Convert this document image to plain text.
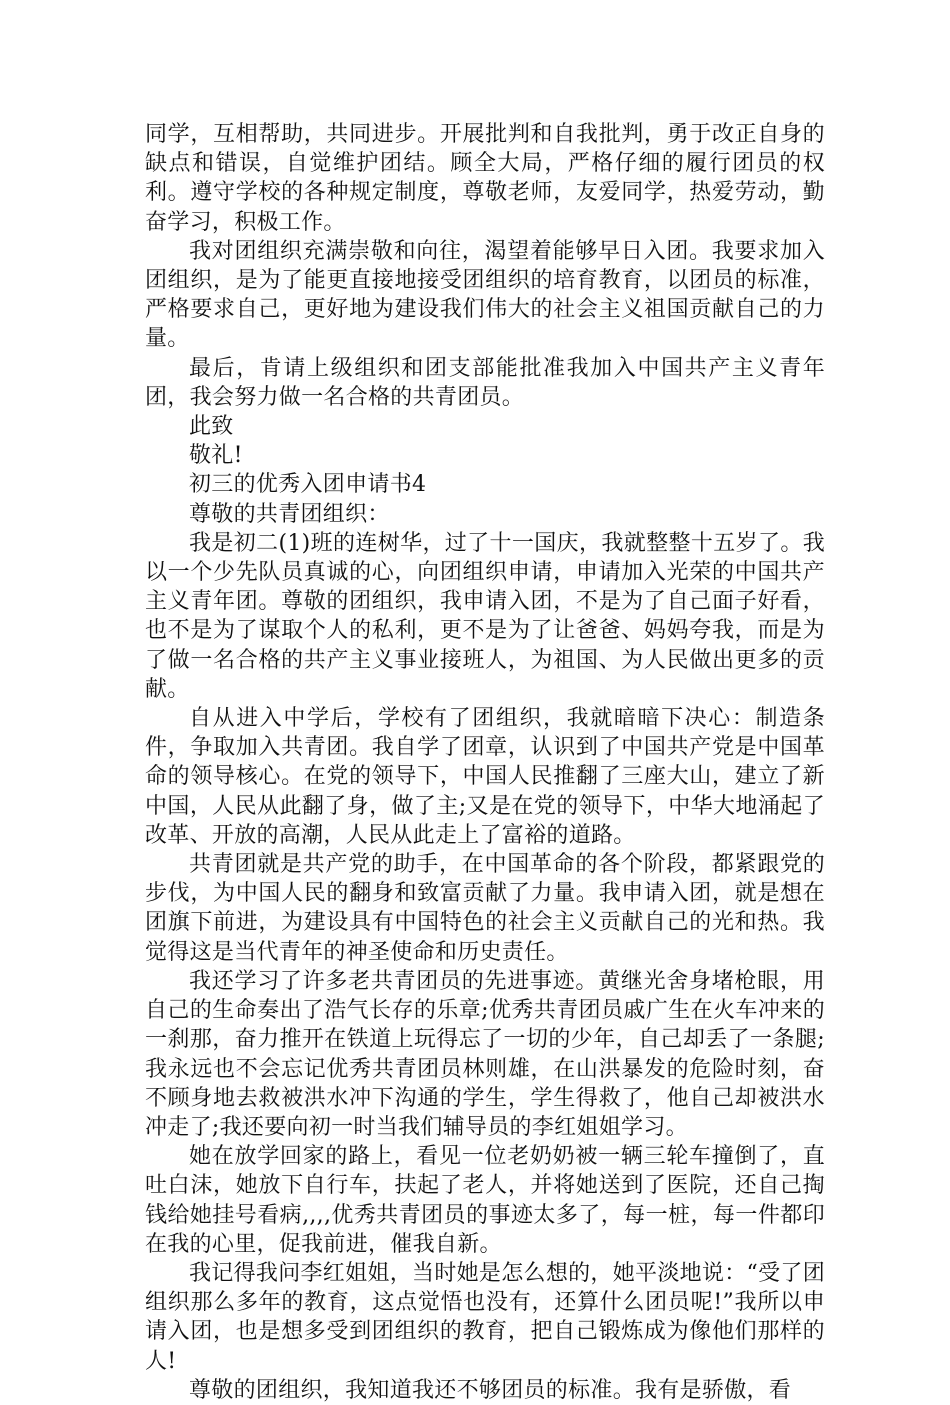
同学，互相帮助，共同进步。开展批判和自我批判，勇于改正自身的缺点和错误，自觉维护团结。顾全大局，严格仔细的履行团员的权利。遵守学校的各种规定制度，尊敬老师，友爱同学，热爱劳动，勤奋学习，积极工作。

我对团组织充满崇敬和向往，渴望着能够早日入团。我要求加入团组织，是为了能更直接地接受团组织的培育教育，以团员的标准，严格要求自己，更好地为建设我们伟大的社会主义祖国贡献自己的力量。

最后，肯请上级组织和团支部能批准我加入中国共产主义青年团，我会努力做一名合格的共青团员。

此致

敬礼!

初三的优秀入团申请书4

尊敬的共青团组织：

我是初二(1)班的连树华，过了十一国庆，我就整整十五岁了。我以一个少先队员真诚的心，向团组织申请，申请加入光荣的中国共产主义青年团。尊敬的团组织，我申请入团，不是为了自己面子好看，也不是为了谋取个人的私利，更不是为了让爸爸、妈妈夸我，而是为了做一名合格的共产主义事业接班人，为祖国、为人民做出更多的贡献。

自从进入中学后，学校有了团组织，我就暗暗下决心：制造条件，争取加入共青团。我自学了团章，认识到了中国共产党是中国革命的领导核心。在党的领导下，中国人民推翻了三座大山，建立了新中国，人民从此翻了身，做了主;又是在党的领导下，中华大地涌起了改革、开放的高潮，人民从此走上了富裕的道路。

共青团就是共产党的助手，在中国革命的各个阶段，都紧跟党的步伐，为中国人民的翻身和致富贡献了力量。我申请入团，就是想在团旗下前进，为建设具有中国特色的社会主义贡献自己的光和热。我觉得这是当代青年的神圣使命和历史责任。

我还学习了许多老共青团员的先进事迹。黄继光舍身堵枪眼，用自己的生命奏出了浩气长存的乐章;优秀共青团员戚广生在火车冲来的一刹那，奋力推开在铁道上玩得忘了一切的少年，自己却丢了一条腿;我永远也不会忘记优秀共青团员林则雄，在山洪暴发的危险时刻，奋不顾身地去救被洪水冲下沟通的学生，学生得救了，他自己却被洪水冲走了;我还要向初一时当我们辅导员的李红姐姐学习。

她在放学回家的路上，看见一位老奶奶被一辆三轮车撞倒了，直吐白沫，她放下自行车，扶起了老人，并将她送到了医院，还自己掏钱给她挂号看病,,,,优秀共青团员的事迹太多了，每一桩，每一件都印在我的心里，促我前进，催我自新。

我记得我问李红姐姐，当时她是怎么想的，她平淡地说：“受了团组织那么多年的教育，这点觉悟也没有，还算什么团员呢!”我所以申请入团，也是想多受到团组织的教育，把自己锻炼成为像他们那样的人!

尊敬的团组织，我知道我还不够团员的标准。我有是骄傲，看
